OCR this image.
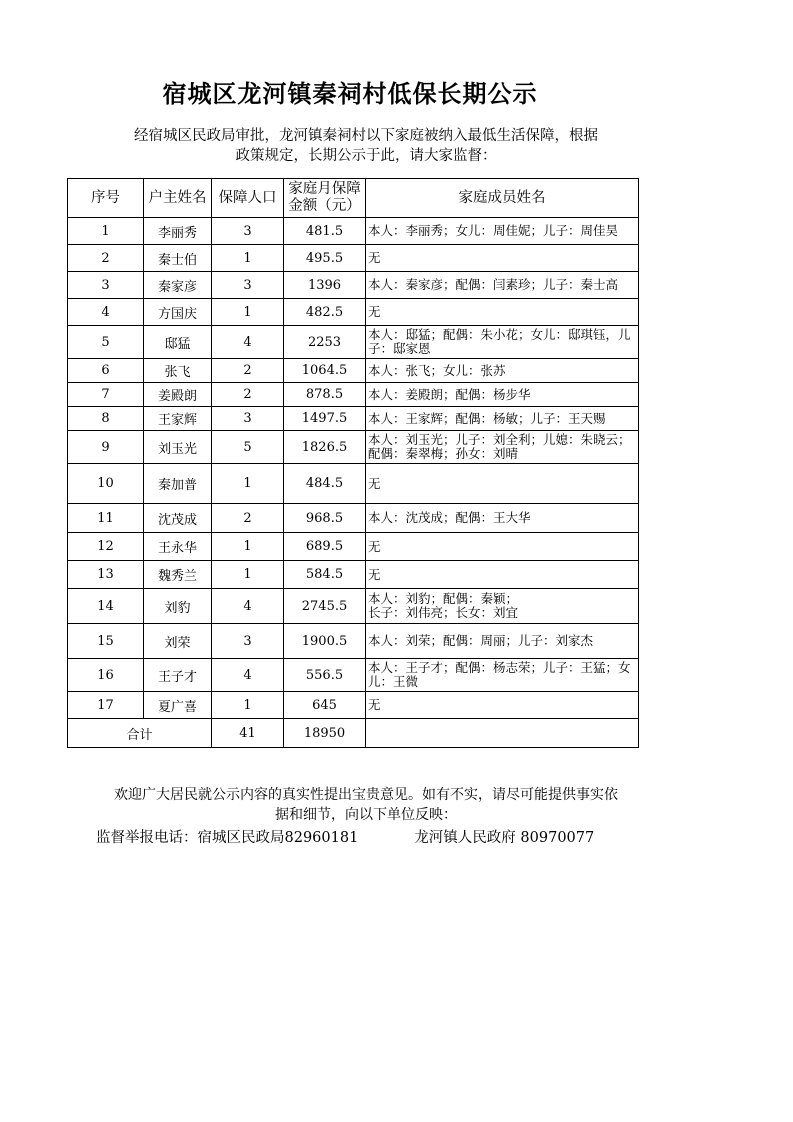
宿城区龙河镇秦祠村低保长期公示
经宿城区民政局审批，龙河镇秦祠村以下家庭被纳入最低生活保障，根据
政策规定，长期公示于此，请大家监督：
序号	户主姓名	保障人口	家庭月保障
金额（元）	家庭成员姓名
1	李丽秀	3	481.5	本人：李丽秀；女儿：周佳妮；儿子：周佳昊
2	秦士伯	1	495.5	无
3	秦家彦	3	1396	本人：秦家彦；配偶：闫素珍；儿子：秦士高
4	方国庆	1	482.5	无
5	邸猛	4	2253	本人：邸猛；配偶：朱小花；女儿：邸琪钰，儿子：邸家恩
6	张飞	2	1064.5	本人：张飞；女儿：张苏
7	姜殿朗	2	878.5	本人：姜殿朗；配偶：杨步华
8	王家辉	3	1497.5	本人：王家辉；配偶：杨敏；儿子：王天赐
9	刘玉光	5	1826.5	本人：刘玉光；儿子：刘全利；儿媳：朱晓云；配偶：秦翠梅；孙女：刘晴
10	秦加普	1	484.5	无
11	沈茂成	2	968.5	本人：沈茂成；配偶：王大华
12	王永华	1	689.5	无
13	魏秀兰	1	584.5	无
14	刘豹	4	2745.5	本人：刘豹；配偶：秦颖；
长子：刘伟亮；长女：刘宜
15	刘荣	3	1900.5	本人：刘荣；配偶：周丽；儿子：刘家杰
16	王子才	4	556.5	本人：王子才；配偶：杨志荣；儿子：王猛；女儿：王微
17	夏广喜	1	645	无
合计		41	18950	
欢迎广大居民就公示内容的真实性提出宝贵意见。如有不实，请尽可能提供事实依
据和细节，向以下单位反映：
监督举报电话：宿城区民政局82960181	龙河镇人民政府 80970077
